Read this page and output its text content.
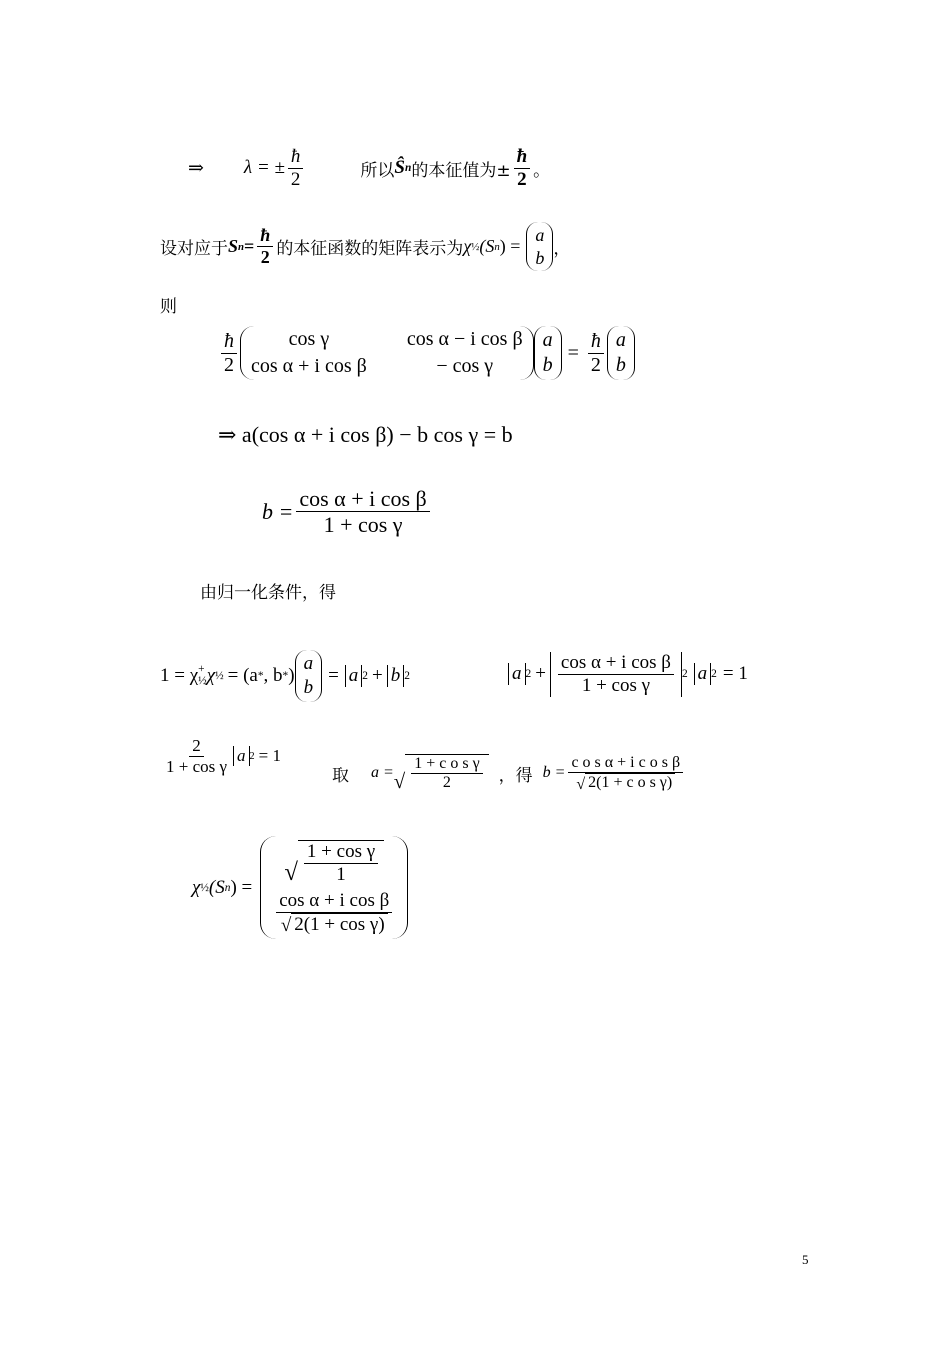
⇒ λ = ± $\frac{ħ}{2}$	所以 Ŝ n 的本征值为± $\frac{ħ}{2}$ 。
设对应于 S $n = \frac{ħ}{2}$ 的本征函数的矩阵表示为 χ ½ (S n ) =
a
b ，
则
$\frac{ħ}{2}$	cos γ	cos α − i cos β
cos α + i cos β	− cos γ
a
b
= $\frac{ħ}{2}$ a
b
⇒ a(cos α + i cos β) − b cos γ = b
$b = \frac{\text{cos α + i cos β}}{\text{1 + cos γ}}$
由归一化条件，得
1 = χ +
½ χ ½ = (a * , b * )
a
b
= a 2 + b 2	a $2 + \frac{\text{cos α + i cos β}}{\text{1 + cos γ}} 2$ a 2 = 1
$\frac{2}{\text{1 + cos γ}}$ a 2 = 1
取 a = √ $\frac{\text{1 + c o s γ}}{2}$ ，得 $b = \frac{\text{c o s α + i c o s β}}{\text{√ 2(1 + c o s γ)}}$
χ ½ (S n ) =
√ $\frac{\text{1 + cos γ}}{1}$
$\frac{\text{cos α + i cos β}}{\text{√ 2(1 + cos γ)}}$
5
